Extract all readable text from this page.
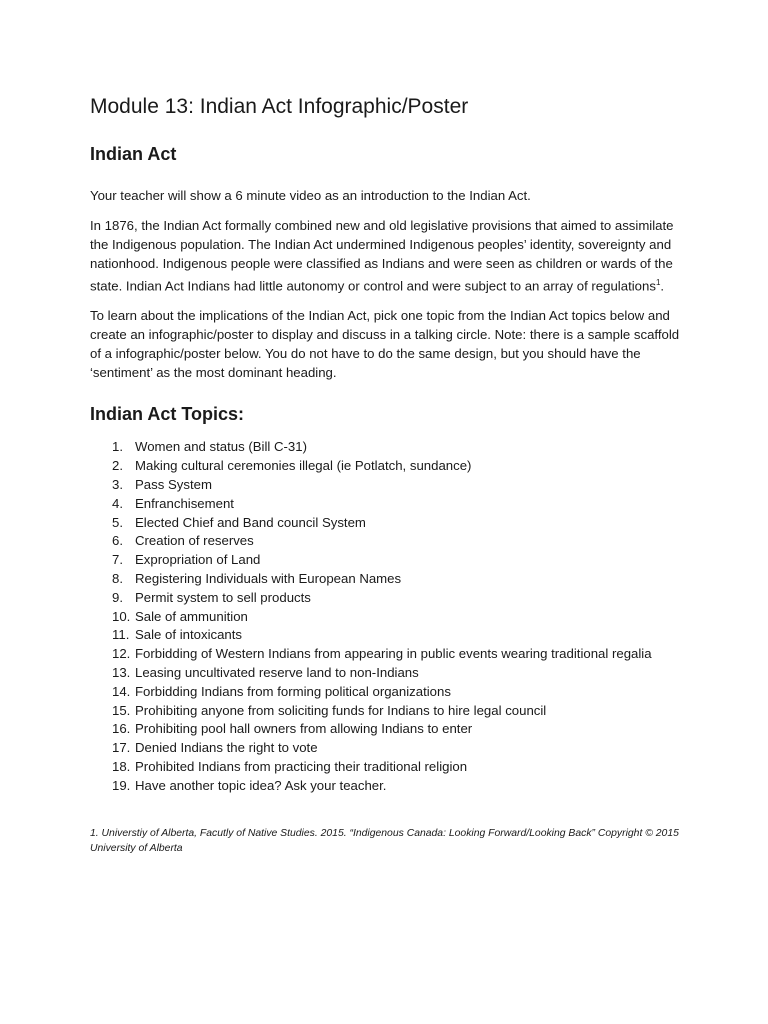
Module 13: Indian Act Infographic/Poster
Indian Act

Your teacher will show a 6 minute video as an introduction to the Indian Act.

In 1876, the Indian Act formally combined new and old legislative provisions that aimed to assimilate the Indigenous population. The Indian Act undermined Indigenous peoples’ identity, sovereignty and nationhood. Indigenous people were classified as Indians and were seen as children or wards of the state. Indian Act Indians had little autonomy or control and were subject to an array of regulations$^1$.

To learn about the implications of the Indian Act, pick one topic from the Indian Act topics below and create an infographic/poster to display and discuss in a talking circle. Note: there is a sample scaffold of a infographic/poster below. You do not have to do the same design, but you should have the ‘sentiment’ as the most dominant heading.

Indian Act Topics:
1. Women and status (Bill C-31)
2. Making cultural ceremonies illegal (ie Potlatch, sundance)
3. Pass System
4. Enfranchisement
5. Elected Chief and Band council System
6. Creation of reserves
7. Expropriation of Land
8. Registering Individuals with European Names
9. Permit system to sell products
10. Sale of ammunition
11. Sale of intoxicants
12. Forbidding of Western Indians from appearing in public events wearing traditional regalia
13. Leasing uncultivated reserve land to non-Indians
14. Forbidding Indians from forming political organizations
15. Prohibiting anyone from soliciting funds for Indians to hire legal council
16. Prohibiting pool hall owners from allowing Indians to enter
17. Denied Indians the right to vote
18. Prohibited Indians from practicing their traditional religion
19. Have another topic idea? Ask your teacher.
1. Universtiy of Alberta, Facutly of Native Studies. 2015. “Indigenous Canada: Looking Forward/Looking Back” Copyright © 2015 University of Alberta
